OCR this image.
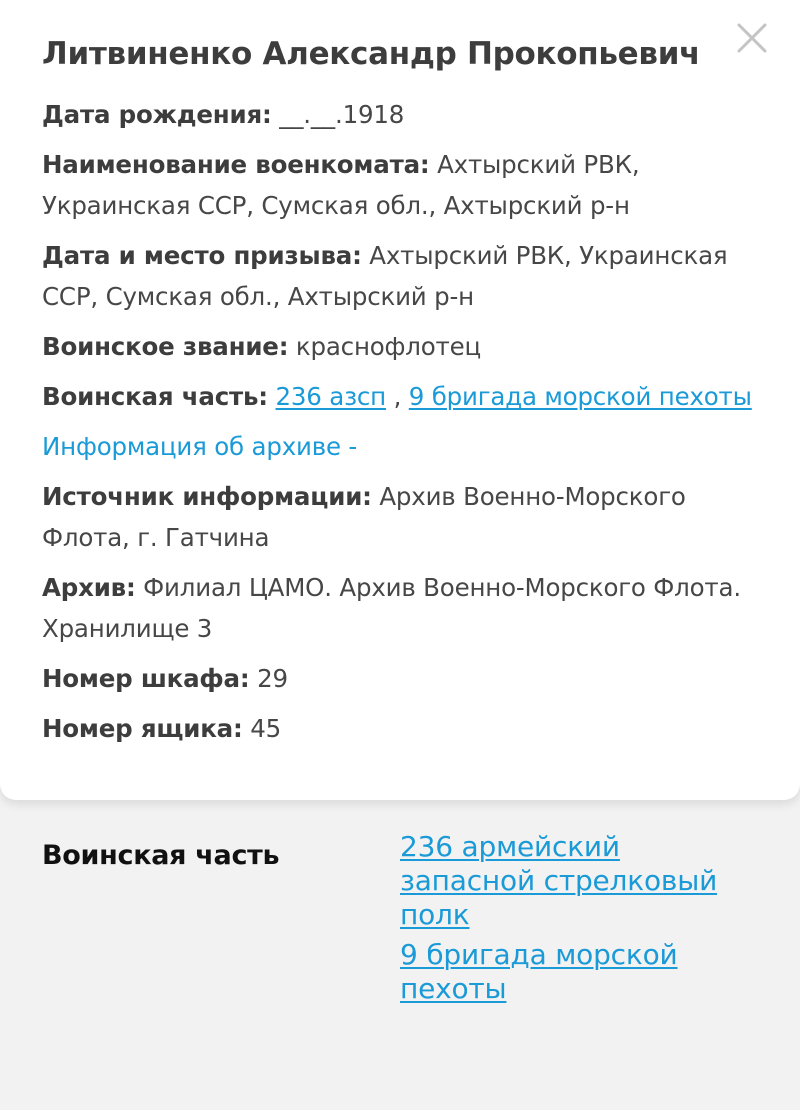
Воинская часть	236 армейский запасной стрелковый полк
9 бригада морской пехоты
Литвиненко Александр Прокопьевич
Дата рождения: __.__.1918
Наименование военкомата: Ахтырский РВК, Украинская ССР, Сумская обл., Ахтырский р-н
Дата и место призыва: Ахтырский РВК, Украинская ССР, Сумская обл., Ахтырский р-н
Воинское звание: краснофлотец
Воинская часть: 236 азсп , 9 бригада морской пехоты
Информация об архиве -
Источник информации: Архив Военно-Морского Флота, г. Гатчина
Архив: Филиал ЦАМО. Архив Военно-Морского Флота. Хранилище 3
Номер шкафа: 29
Номер ящика: 45
